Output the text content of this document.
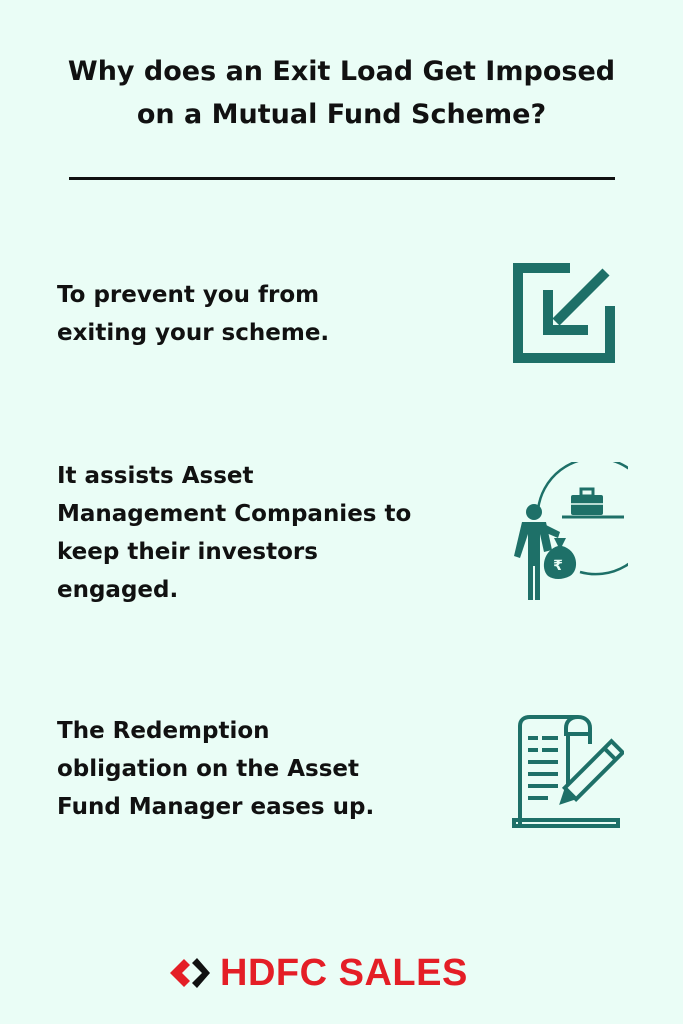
Why does an Exit Load Get Imposed
on a Mutual Fund Scheme?
To prevent you from
exiting your scheme.
It assists Asset
Management Companies to
keep their investors
engaged.
₹
The Redemption
obligation on the Asset
Fund Manager eases up.
HDFC SALES
